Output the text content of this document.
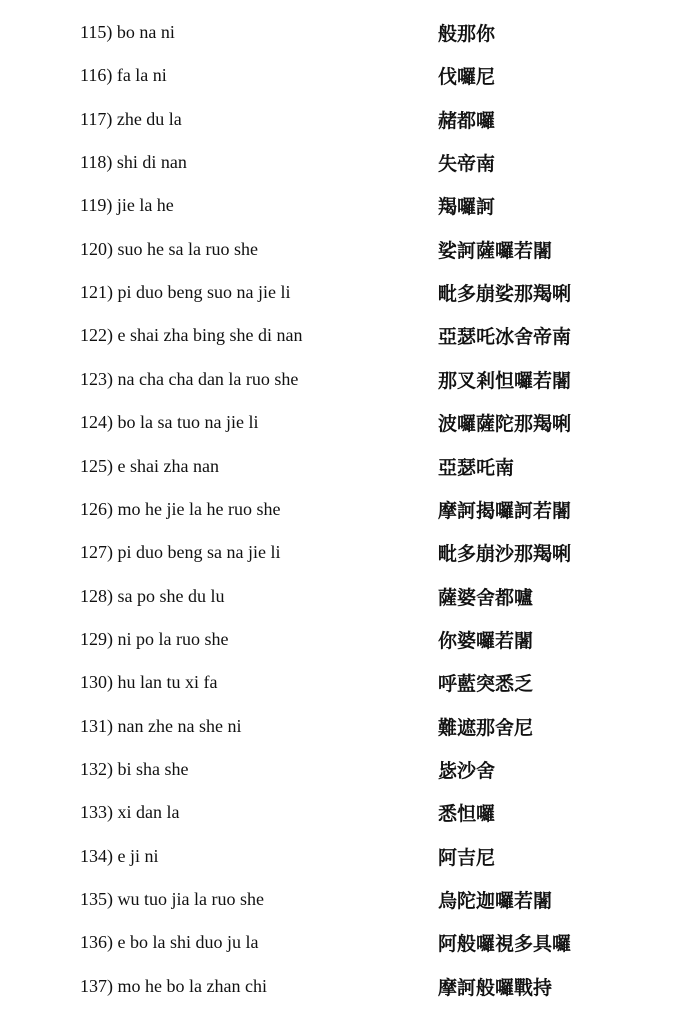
115) bo na ni	般那你
116) fa la ni	伐囉尼
117) zhe du la	赭都囉
118) shi di nan	失帝南
119) jie la he	羯囉訶
120) suo he sa la ruo she	娑訶薩囉若闍
121) pi duo beng suo na jie li	毗多崩娑那羯唎
122) e shai zha bing she di nan	亞瑟吒冰舍帝南
123) na cha cha dan la ruo she	那叉剎怛囉若闍
124) bo la sa tuo na jie li	波囉薩陀那羯唎
125) e shai zha nan	亞瑟吒南
126) mo he jie la he ruo she	摩訶揭囉訶若闍
127) pi duo beng sa na jie li	毗多崩沙那羯唎
128) sa po she du lu	薩婆舍都嚧
129) ni po la ruo she	你婆囉若闍
130) hu lan tu xi fa	呼藍突悉乏
131) nan zhe na she ni	難遮那舍尼
132) bi sha she	毖沙舍
133) xi dan la	悉怛囉
134) e ji ni	阿吉尼
135) wu tuo jia la ruo she	烏陀迦囉若闍
136) e bo la shi duo ju la	阿般囉視多具囉
137) mo he bo la zhan chi	摩訶般囉戰持
